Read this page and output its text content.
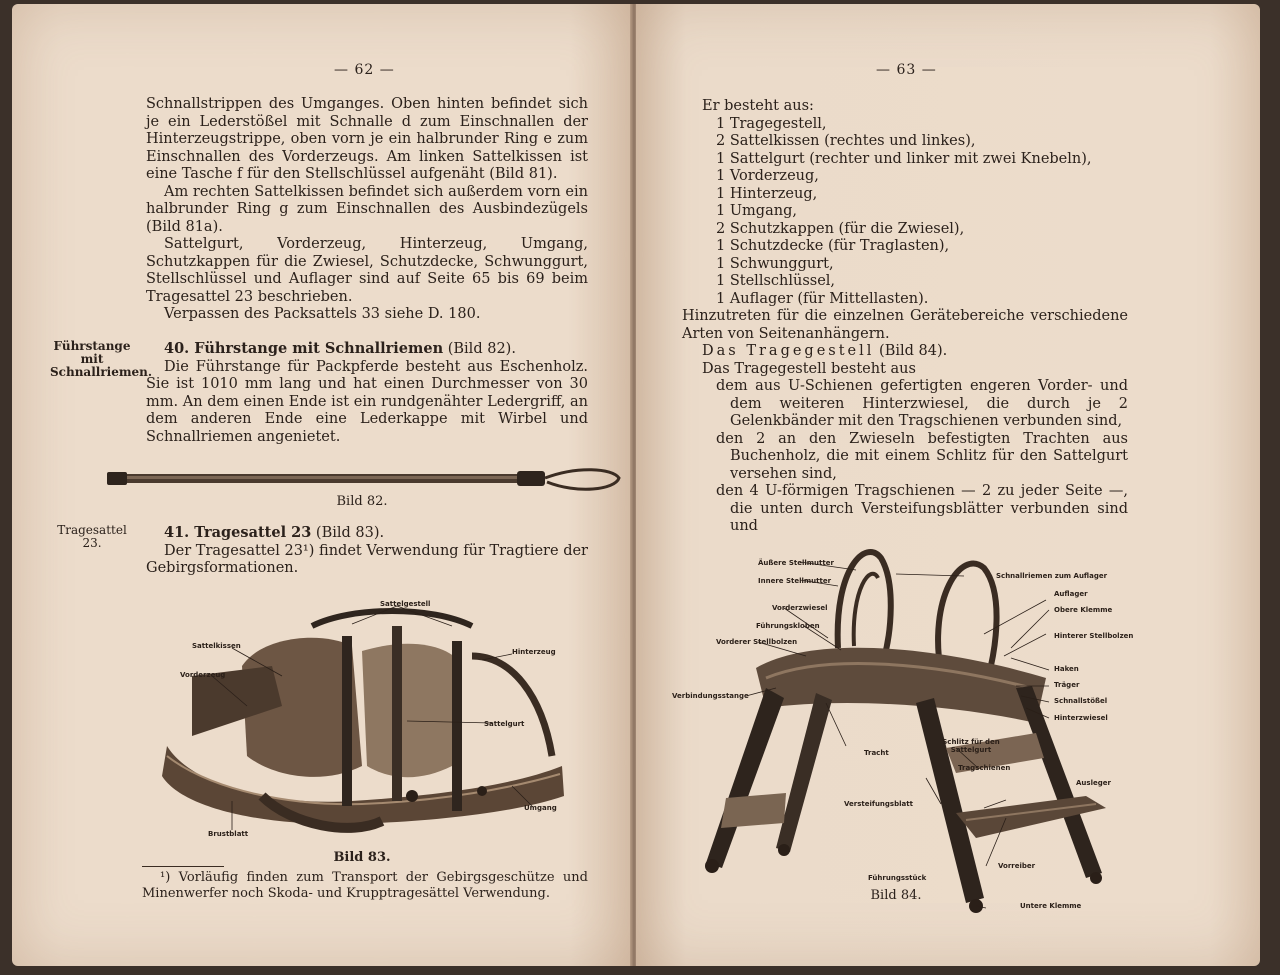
— 62 —

Schnallstrippen des Umganges. Oben hinten befindet sich je ein Lederstößel mit Schnalle d zum Einschnallen der Hinterzeugstrippe, oben vorn je ein halbrunder Ring e zum Einschnallen des Vorderzeugs. Am linken Sattelkissen ist eine Tasche f für den Stellschlüssel aufgenäht (Bild 81).

Am rechten Sattelkissen befindet sich außerdem vorn ein halbrunder Ring g zum Einschnallen des Ausbindezügels (Bild 81a).

Sattelgurt, Vorderzeug, Hinterzeug, Umgang, Schutzkappen für die Zwiesel, Schutzdecke, Schwunggurt, Stellschlüssel und Auflager sind auf Seite 65 bis 69 beim Tragesattel 23 beschrieben.

Verpassen des Packsattels 33 siehe D. 180.

Führstange mit Schnallriemen.

40. Führstange mit Schnallriemen (Bild 82).

Die Führstange für Packpferde besteht aus Eschenholz. Sie ist 1010 mm lang und hat einen Durchmesser von 30 mm. An dem einen Ende ist ein rundgenähter Ledergriff, an dem anderen Ende eine Lederkappe mit Wirbel und Schnallriemen angenietet.

Bild 82.
Tragesattel 23.

41. Tragesattel 23 (Bild 83).

Der Tragesattel 23¹) findet Verwendung für Tragtiere der Gebirgsformationen.

Sattelgestell
Sattelkissen
Hinterzeug
Vorderzeug
Sattelgurt
Umgang
Brustblatt
Bild 83.

¹) Vorläufig finden zum Transport der Gebirgsgeschütze und Minenwerfer noch Skoda- und Krupptragesättel Verwendung.

— 63 —

Er besteht aus:

1 Tragegestell,

2 Sattelkissen (rechtes und linkes),

1 Sattelgurt (rechter und linker mit zwei Knebeln),

1 Vorderzeug,

1 Hinterzeug,

1 Umgang,

2 Schutzkappen (für die Zwiesel),

1 Schutzdecke (für Traglasten),

1 Schwunggurt,

1 Stellschlüssel,

1 Auflager (für Mittellasten).

Hinzutreten für die einzelnen Gerätebereiche verschiedene Arten von Seitenanhängern.

Das Tragegestell (Bild 84).

Das Tragegestell besteht aus

dem aus U-Schienen gefertigten engeren Vorder- und dem weiteren Hinterzwiesel, die durch je 2 Gelenkbänder mit den Tragschienen verbunden sind,

den 2 an den Zwieseln befestigten Trachten aus Buchenholz, die mit einem Schlitz für den Sattelgurt versehen sind,

den 4 U-förmigen Tragschienen — 2 zu jeder Seite —, die unten durch Versteifungsblätter verbunden sind und

Äußere Stellmutter
Innere Stellmutter
Schnallriemen zum Auflager
Auflager
Vorderzwiesel	Obere Klemme
Führungskloben
Hinterer Stellbolzen
Vorderer Stellbolzen
Haken
Träger
Verbindungsstange
Schnallstößel
Hinterzwiesel
Tracht
Schlitz für den Sattelgurt
Tragschienen
Ausleger
Versteifungsblatt
Vorreiber
Führungsstück
Untere Klemme
Bild 84.
